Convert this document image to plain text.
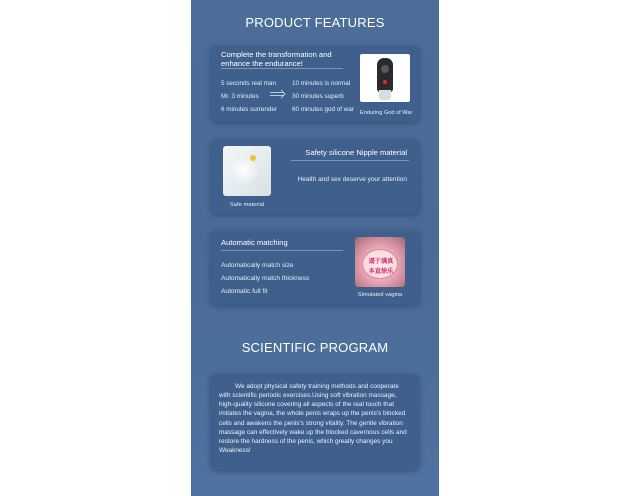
PRODUCT FEATURES
Complete the transformation and enhance the endurance!
5 seconds real man
Mr. 3 minutes
6 minutes surrender
10 minutes is normal
30 minutes superb
60 minutes god of war Enduring God of War
Safe material
Safety silicone Nipple material
Health and sex deserve your attention
Automatic matching
Automatically match size
Automatically match thickness
Automatic full fit
逼于满真
本直徐乐
Simulated vagina
SCIENTIFIC PROGRAM
We adopt physical safety training methods and cooperate with scientific periodic exercises.Using soft vibration massage, high-quality silicone covering all aspects of the real touch that imitates the vagina, the whole penis wraps up the penis's blocked cells and awakens the penis's strong vitality. The gentle vibration massage can effectively wake up the blocked cavernous cells and restore the hardness of the penis, which greatly changes you Weakness!
